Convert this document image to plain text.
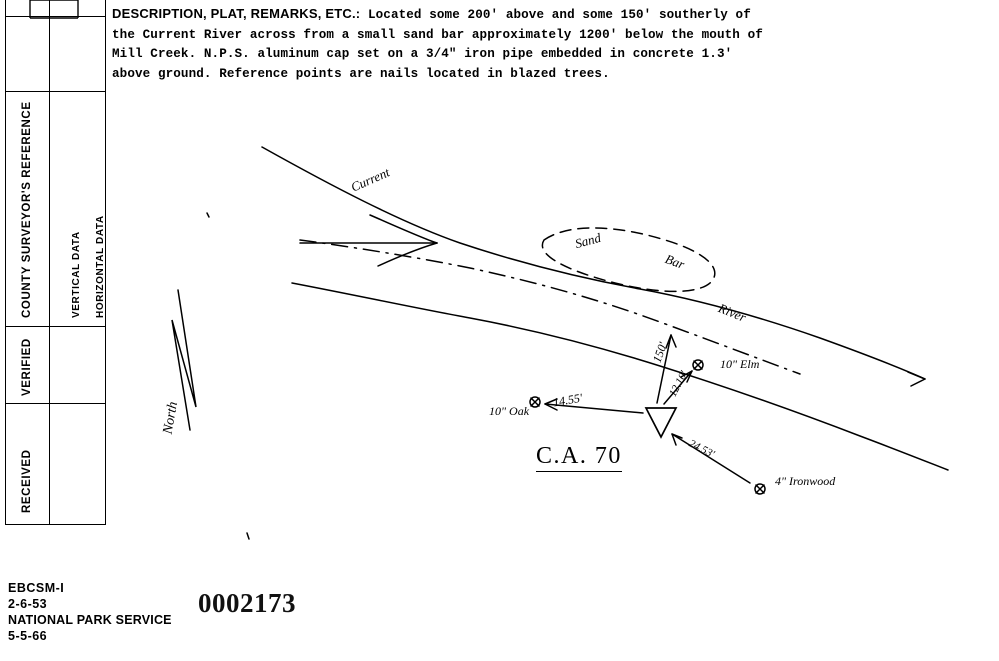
COUNTY SURVEYOR'S REFERENCE
VERIFIED
RECEIVED
VERTICAL DATA HORIZONTAL DATA
DESCRIPTION, PLAT, REMARKS, ETC.: Located some 200' above and some 150' southerly of
the Current River across from a small sand bar approximately 1200' below the mouth of
Mill Creek. N.P.S. aluminum cap set on a 3/4" iron pipe embedded in concrete 1.3'
above ground. Reference points are nails located in blazed trees.
Current
Sand
Bar
River
North
150'
12.10'
14.55'
10" Oak
10" Elm
24.53'
4" Ironwood
C.A. 70
EBCSM-I
2-6-53
NATIONAL PARK SERVICE
5-5-66
0002173
